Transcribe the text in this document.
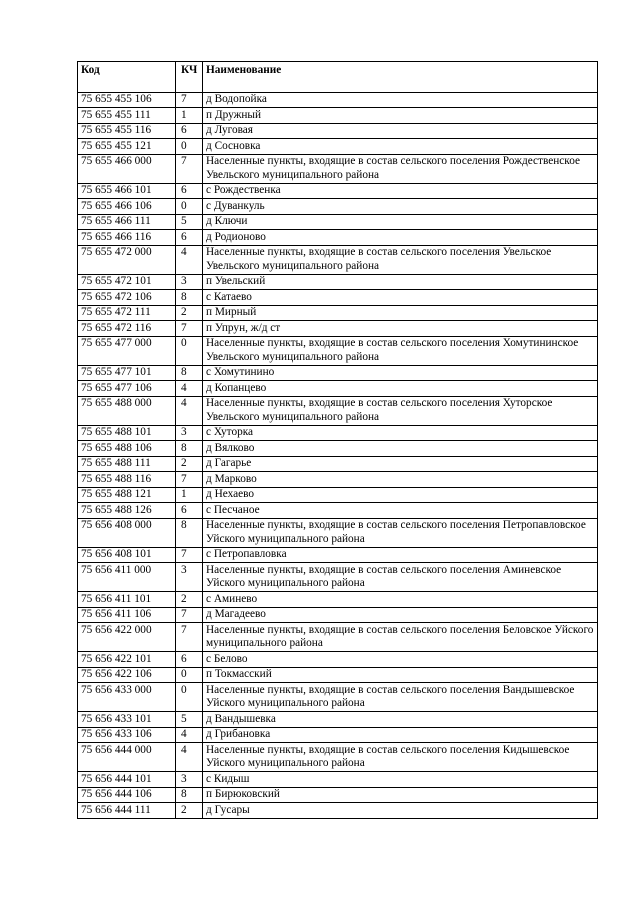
Код	КЧ	Наименование
75 655 455 106	7	д Водопойка
75 655 455 111	1	п Дружный
75 655 455 116	6	д Луговая
75 655 455 121	0	д Сосновка
75 655 466 000	7	Населенные пункты, входящие в состав сельского поселения Рождественское Увельского муниципального района
75 655 466 101	6	с Рождественка
75 655 466 106	0	с Дуванкуль
75 655 466 111	5	д Ключи
75 655 466 116	6	д Родионово
75 655 472 000	4	Населенные пункты, входящие в состав сельского поселения Увельское Увельского муниципального района
75 655 472 101	3	п Увельский
75 655 472 106	8	с Катаево
75 655 472 111	2	п Мирный
75 655 472 116	7	п Упрун, ж/д ст
75 655 477 000	0	Населенные пункты, входящие в состав сельского поселения Хомутининское Увельского муниципального района
75 655 477 101	8	с Хомутинино
75 655 477 106	4	д Копанцево
75 655 488 000	4	Населенные пункты, входящие в состав сельского поселения Хуторское Увельского муниципального района
75 655 488 101	3	с Хуторка
75 655 488 106	8	д Вялково
75 655 488 111	2	д Гагарье
75 655 488 116	7	д Марково
75 655 488 121	1	д Нехаево
75 655 488 126	6	с Песчаное
75 656 408 000	8	Населенные пункты, входящие в состав сельского поселения Петропавловское Уйского муниципального района
75 656 408 101	7	с Петропавловка
75 656 411 000	3	Населенные пункты, входящие в состав сельского поселения Аминевское Уйского муниципального района
75 656 411 101	2	с Аминево
75 656 411 106	7	д Магадеево
75 656 422 000	7	Населенные пункты, входящие в состав сельского поселения Беловское Уйского муниципального района
75 656 422 101	6	с Белово
75 656 422 106	0	п Токмасский
75 656 433 000	0	Населенные пункты, входящие в состав сельского поселения Вандышевское Уйского муниципального района
75 656 433 101	5	д Вандышевка
75 656 433 106	4	д Грибановка
75 656 444 000	4	Населенные пункты, входящие в состав сельского поселения Кидышевское Уйского муниципального района
75 656 444 101	3	с Кидыш
75 656 444 106	8	п Бирюковский
75 656 444 111	2	д Гусары
